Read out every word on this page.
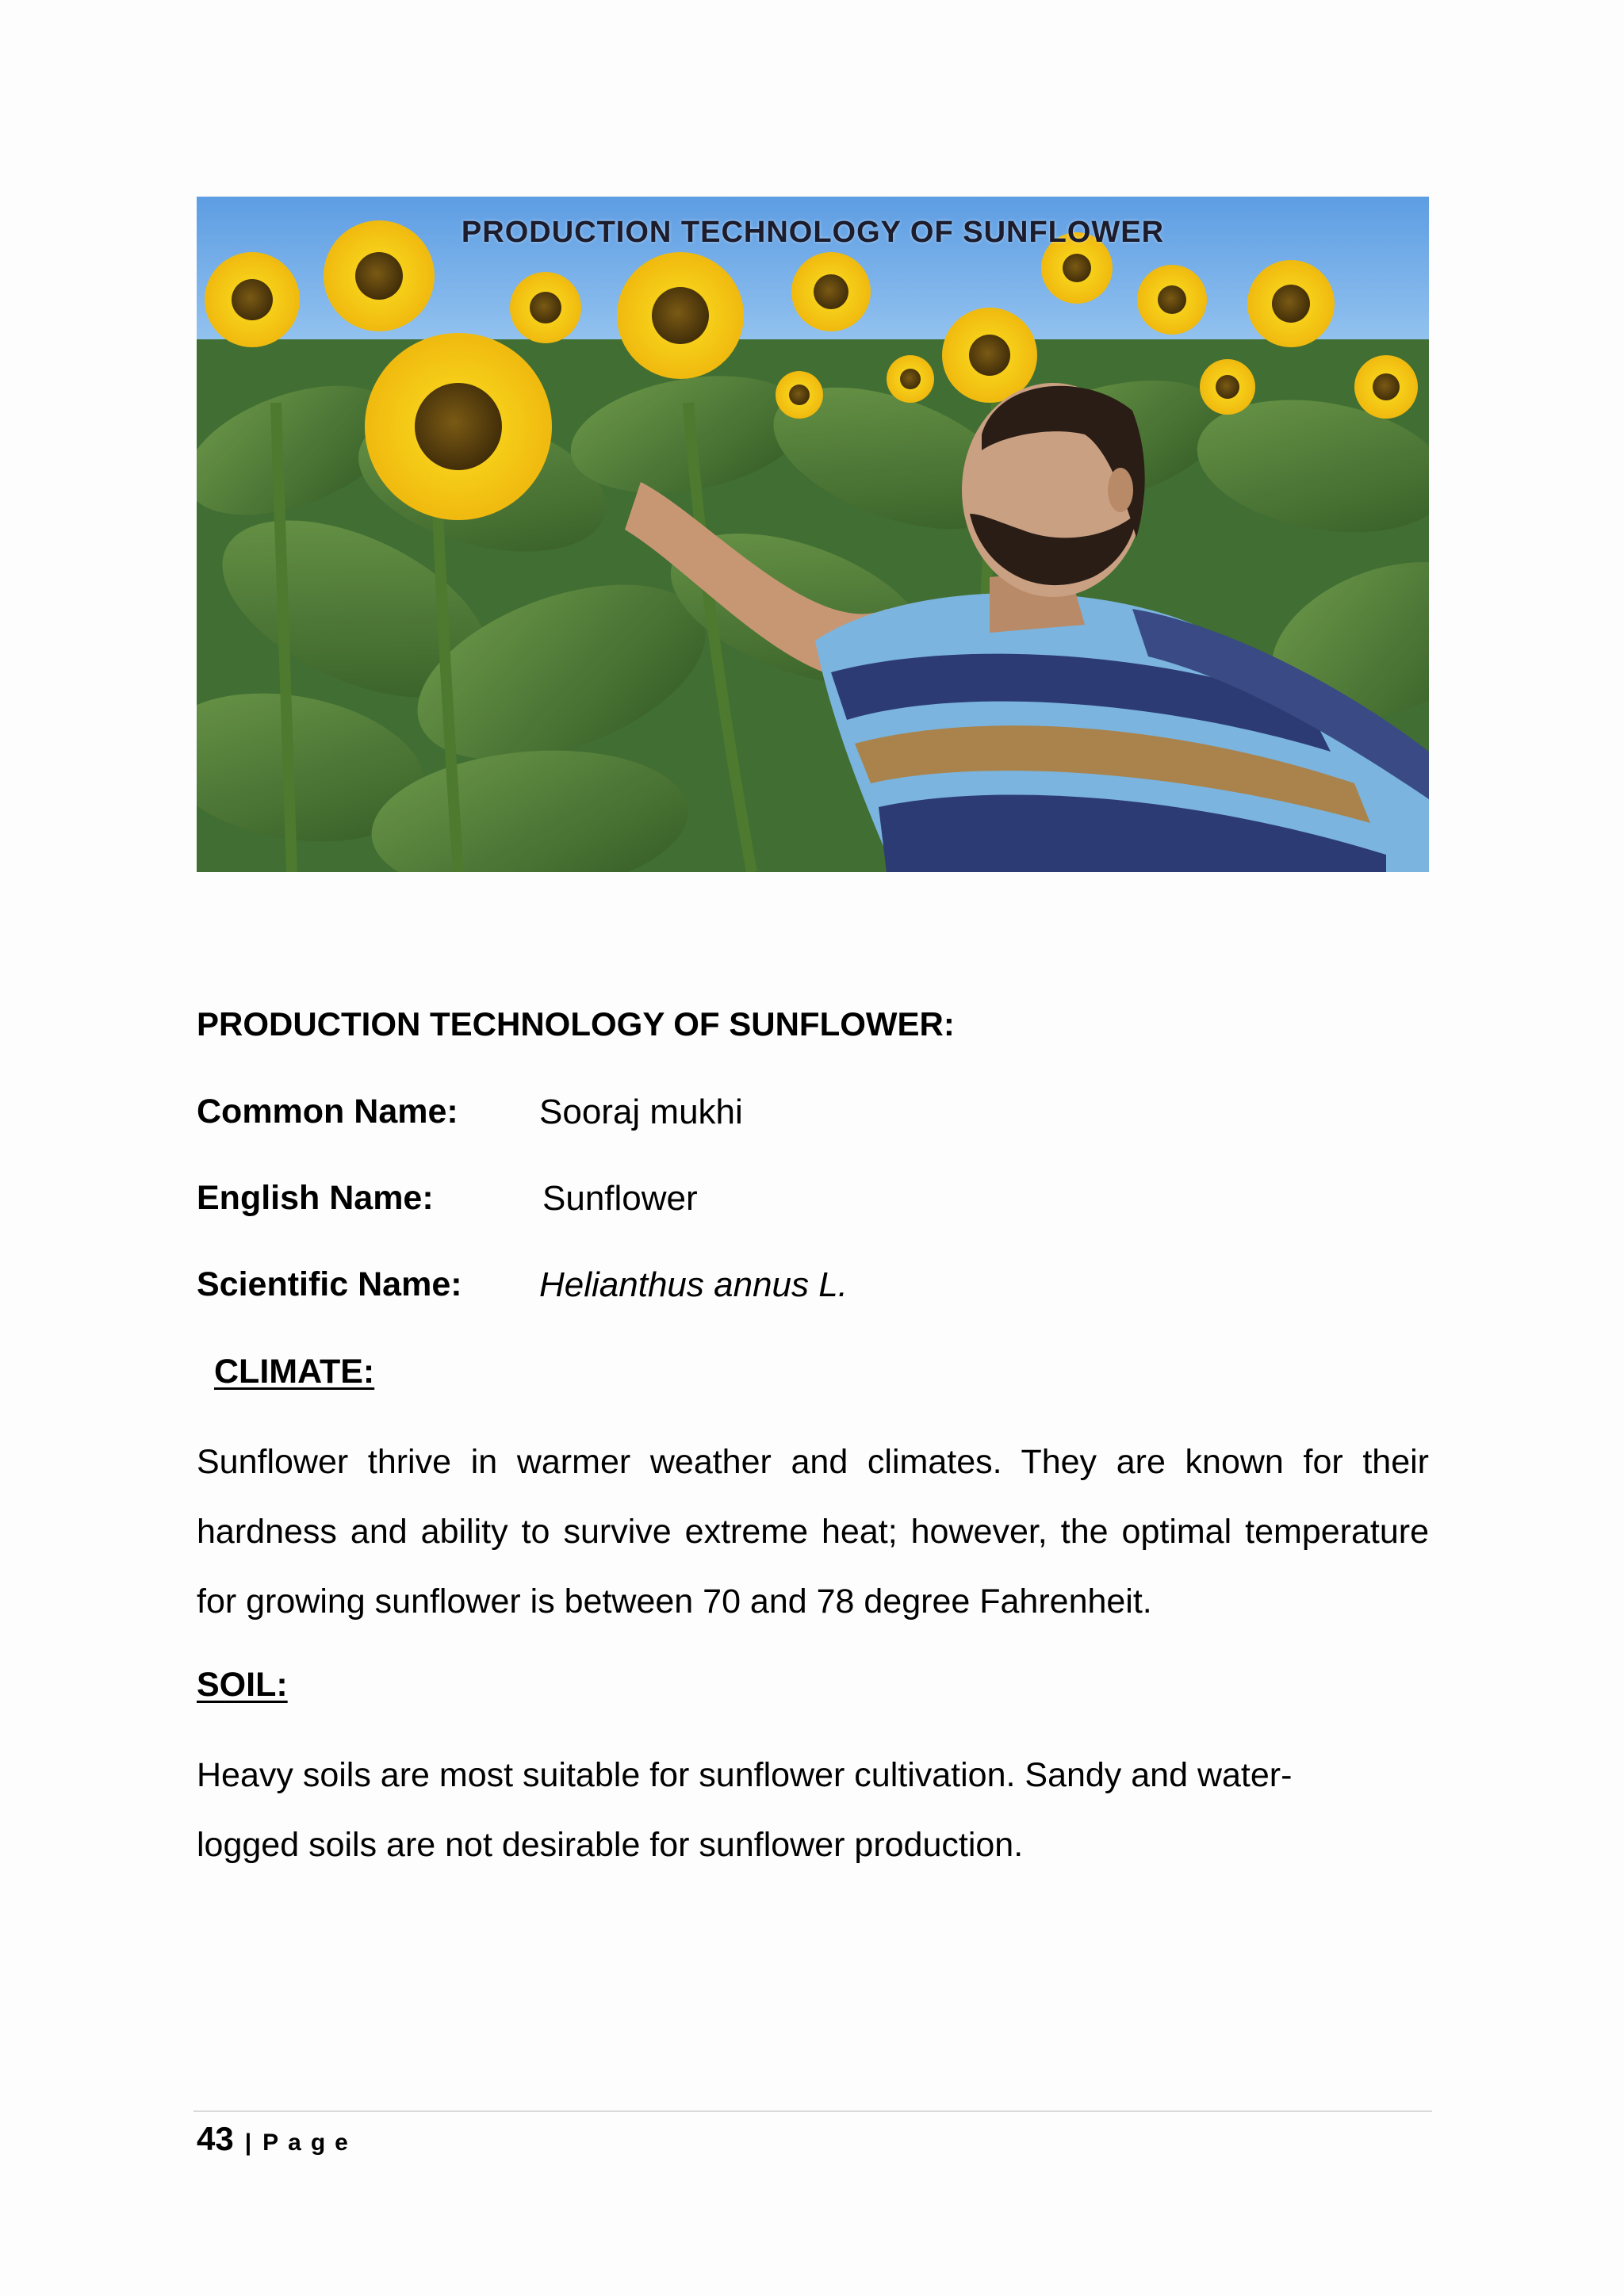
PRODUCTION TECHNOLOGY OF SUNFLOWER
PRODUCTION TECHNOLOGY OF SUNFLOWER:
Common Name: Sooraj mukhi
English Name:	Sunflower
Scientific Name: Helianthus annus L.
CLIMATE:
Sunflower thrive in warmer weather and climates. They are known for their hardness and ability to survive extreme heat; however, the optimal temperature for growing sunflower is between 70 and 78 degree Fahrenheit.
SOIL:
Heavy soils are most suitable for sunflower cultivation. Sandy and water-logged soils are not desirable for sunflower production.
43 | Page
